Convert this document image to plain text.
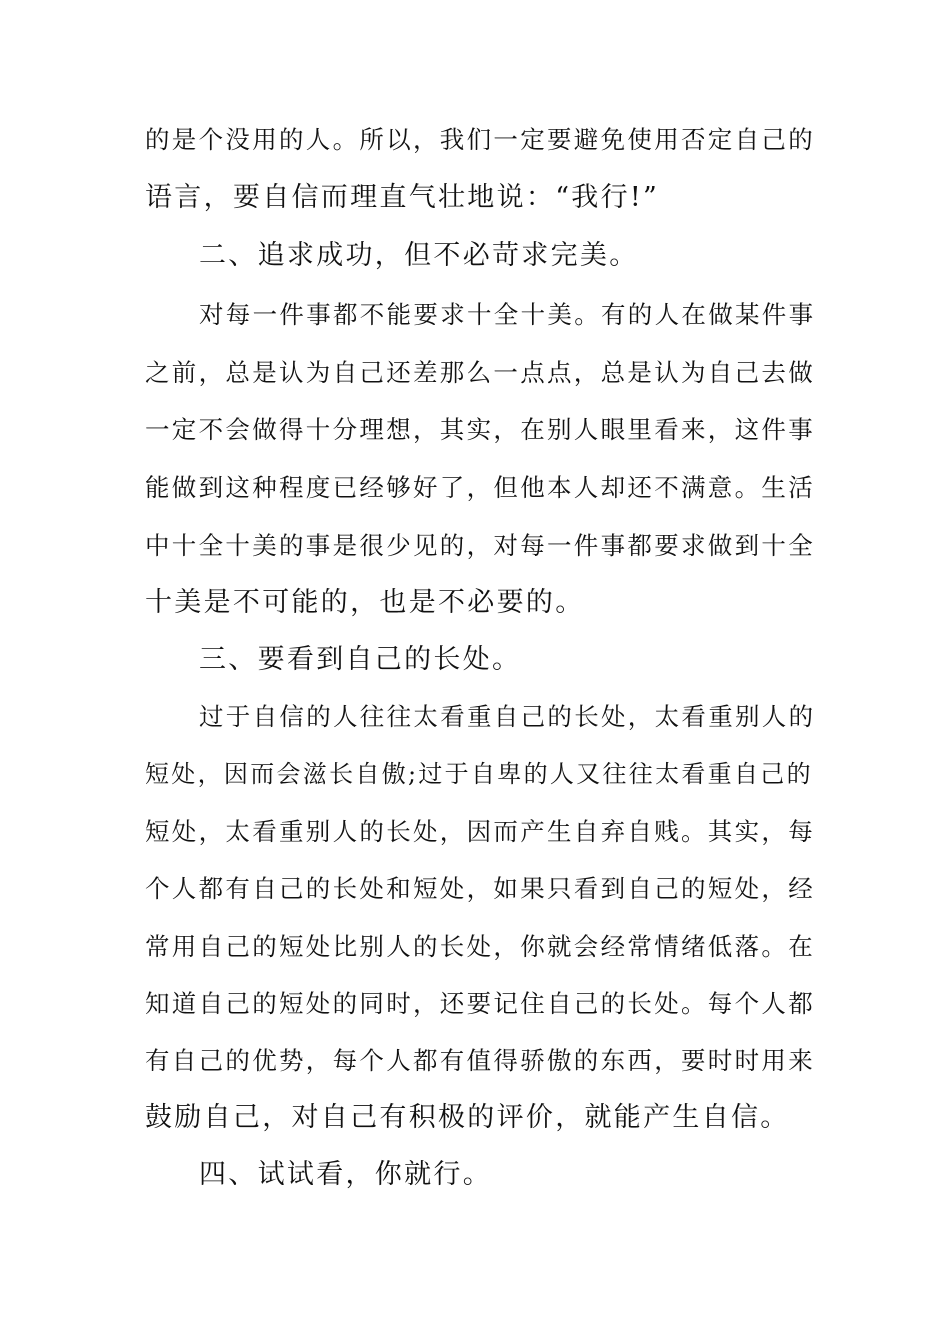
的是个没用的人。所以，我们一定要避免使用否定自己的
语言，要自信而理直气壮地说：“我行!”
二、追求成功，但不必苛求完美。
对每一件事都不能要求十全十美。有的人在做某件事
之前，总是认为自己还差那么一点点，总是认为自己去做
一定不会做得十分理想，其实，在别人眼里看来，这件事
能做到这种程度已经够好了，但他本人却还不满意。生活
中十全十美的事是很少见的，对每一件事都要求做到十全
十美是不可能的，也是不必要的。
三、要看到自己的长处。
过于自信的人往往太看重自己的长处，太看重别人的
短处，因而会滋长自傲;过于自卑的人又往往太看重自己的
短处，太看重别人的长处，因而产生自弃自贱。其实，每
个人都有自己的长处和短处，如果只看到自己的短处，经
常用自己的短处比别人的长处，你就会经常情绪低落。在
知道自己的短处的同时，还要记住自己的长处。每个人都
有自己的优势，每个人都有值得骄傲的东西，要时时用来
鼓励自己，对自己有积极的评价，就能产生自信。
四、试试看，你就行。
